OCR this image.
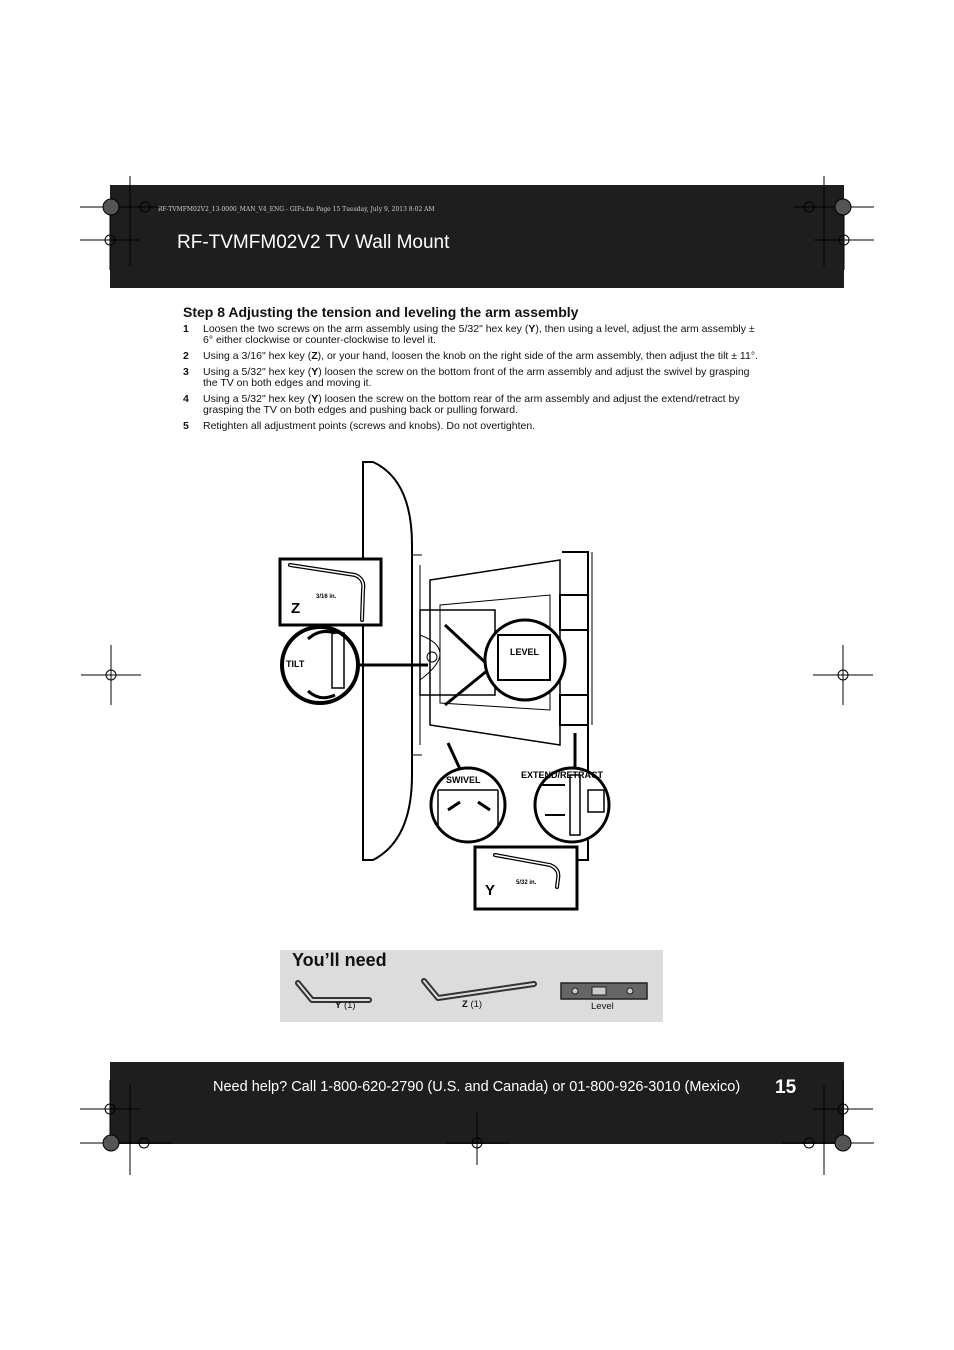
RF-TVMFM02V2_13-0000_MAN_V4_ENG - GIFs.fm Page 15 Tuesday, July 9, 2013 8:02 AM
RF-TVMFM02V2 TV Wall Mount
Need help? Call 1-800-620-2790 (U.S. and Canada) or 01-800-926-3010 (Mexico) 15
Step 8 Adjusting the tension and leveling the arm assembly
1 Loosen the two screws on the arm assembly using the 5/32" hex key (Y), then using a level, adjust the arm assembly ± 6° either clockwise or counter-clockwise to level it.
2 Using a 3/16" hex key (Z), or your hand, loosen the knob on the right side of the arm assembly, then adjust the tilt ± 11°.
3 Using a 5/32" hex key (Y) loosen the screw on the bottom front of the arm assembly and adjust the swivel by grasping the TV on both edges and moving it.
4 Using a 5/32" hex key (Y) loosen the screw on the bottom rear of the arm assembly and adjust the extend/retract by grasping the TV on both edges and pushing back or pulling forward.
5 Retighten all adjustment points (screws and knobs). Do not overtighten.
Z
3/16 in.
TILT
LEVEL
SWIVEL	EXTEND/RETRACT
Y	5/32 in.
You’ll need
Y (1)	Z (1)	Level
